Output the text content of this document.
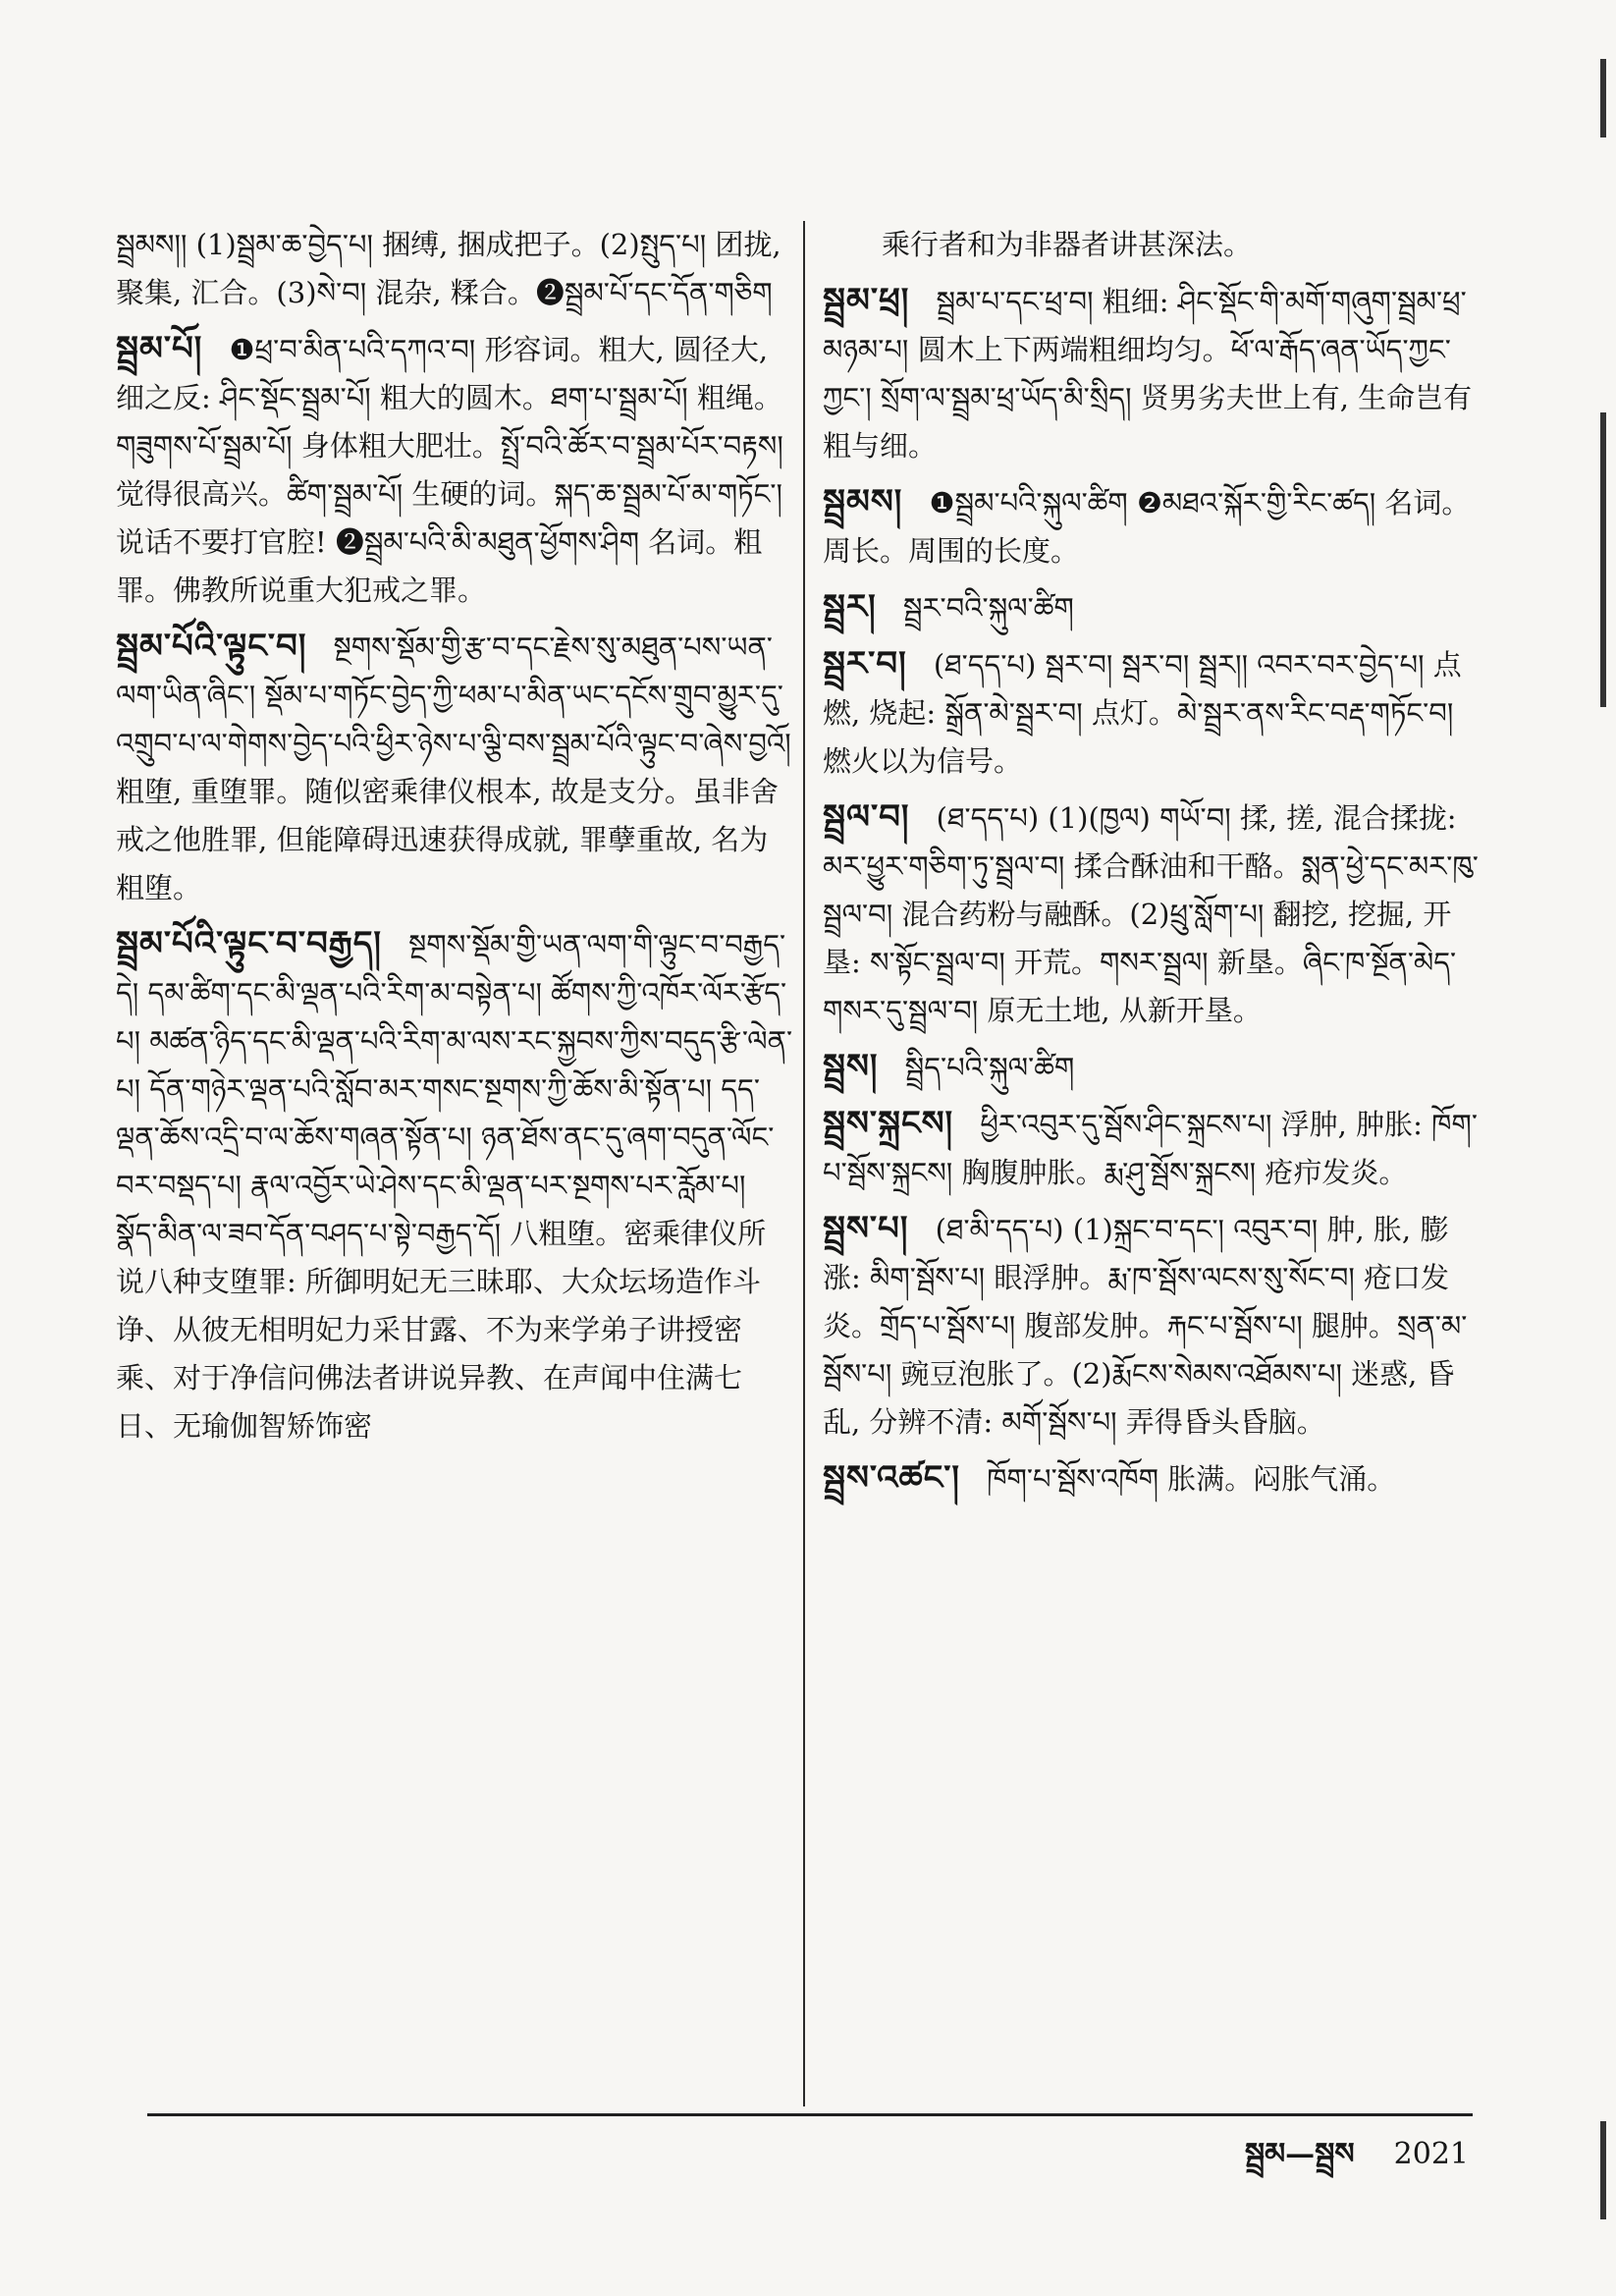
སྦྲམས།། (1)སྦྲམ་ཆ་བྱེད་པ། 捆缚, 捆成把子。(2)སྤུད་པ། 团拢, 聚集, 汇合。(3)སེ་བ། 混杂, 糅合。❷སྦྲམ་པོ་དང་དོན་གཅིག
སྦྲམ་པོ། ❶ཕྲ་བ་མིན་པའི་དཀའ་བ། 形容词。粗大, 圆径大, 细之反: ཤིང་སྡོང་སྦྲམ་པོ། 粗大的圆木。ཐག་པ་སྦྲམ་པོ། 粗绳。གཟུགས་པོ་སྦྲམ་པོ། 身体粗大肥壮。སྤྲོ་བའི་ཚོར་བ་སྦྲམ་པོར་བརྟས། 觉得很高兴。ཚིག་སྦྲམ་པོ། 生硬的词。སྐད་ཆ་སྦྲམ་པོ་མ་གཏོང་། 说话不要打官腔! ❷སྦྲམ་པའི་མི་མཐུན་ཕྱོགས་ཤིག 名词。粗罪。佛教所说重大犯戒之罪。
སྦྲམ་པོའི་ལྟུང་བ། སྔགས་སྡོམ་གྱི་རྩ་བ་དང་རྗེས་སུ་མཐུན་པས་ཡན་ལག་ཡིན་ཞིང་། སྡོམ་པ་གཏོང་བྱེད་ཀྱི་ཕམ་པ་མིན་ཡང་དངོས་གྲུབ་མྱུར་དུ་འགྲུབ་པ་ལ་གེགས་བྱེད་པའི་ཕྱིར་ཉེས་པ་ལྕི་བས་སྦྲམ་པོའི་ལྟུང་བ་ཞེས་བྱའོ། 粗堕, 重堕罪。随似密乘律仪根本, 故是支分。虽非舍戒之他胜罪, 但能障碍迅速获得成就, 罪孽重故, 名为粗堕。
སྦྲམ་པོའི་ལྟུང་བ་བརྒྱད། སྔགས་སྡོམ་གྱི་ཡན་ལག་གི་ལྟུང་བ་བརྒྱད་དེ། དམ་ཚིག་དང་མི་ལྡན་པའི་རིག་མ་བསྟེན་པ། ཚོགས་ཀྱི་འཁོར་ལོར་རྩོད་པ། མཚན་ཉིད་དང་མི་ལྡན་པའི་རིག་མ་ལས་རང་སྐྱབས་ཀྱིས་བདུད་རྩི་ལེན་པ། དོན་གཉེར་ལྡན་པའི་སློབ་མར་གསང་སྔགས་ཀྱི་ཆོས་མི་སྟོན་པ། དད་ལྡན་ཆོས་འདྲི་བ་ལ་ཆོས་གཞན་སྟོན་པ། ཉན་ཐོས་ནང་དུ་ཞག་བདུན་ལོང་བར་བསྡད་པ། རྣལ་འབྱོར་ཡེ་ཤེས་དང་མི་ལྡན་པར་སྔགས་པར་རློམ་པ། སྣོད་མིན་ལ་ཟབ་དོན་བཤད་པ་སྟེ་བརྒྱད་དོ། 八粗堕。密乘律仪所说八种支堕罪: 所御明妃无三昧耶、大众坛场造作斗诤、从彼无相明妃力采甘露、不为来学弟子讲授密乘、对于净信问佛法者讲说异教、在声闻中住满七日、无瑜伽智矫饰密
乘行者和为非器者讲甚深法。
སྦྲམ་ཕྲ། སྦྲམ་པ་དང་ཕྲ་བ། 粗细: ཤིང་སྡོང་གི་མགོ་གཞུག་སྦྲམ་ཕྲ་མཉམ་པ། 圆木上下两端粗细均匀。ཕོ་ལ་རྒོད་ཞན་ཡོད་ཀྱང་ཀྱང་། སྲོག་ལ་སྦྲམ་ཕྲ་ཡོད་མི་སྲིད། 贤男劣夫世上有, 生命岂有粗与细。
སྦྲམས། ❶སྦྲམ་པའི་སྐུལ་ཚིག ❷མཐའ་སྐོར་གྱི་རིང་ཚད། 名词。周长。周围的长度。
སྦྲར། སྦྲར་བའི་སྐུལ་ཚིག
སྦྲར་བ། (ཐ་དད་པ) སྦར་བ། སྦར་བ། སྦྲར།། འབར་བར་བྱེད་པ། 点燃, 烧起: སྒྲོན་མེ་སྦྲར་བ། 点灯。མེ་སྦྲར་ནས་རིང་བརྡ་གཏོང་བ། 燃火以为信号。
སྦྲལ་བ། (ཐ་དད་པ) (1)(ཁྱལ) གཡོ་བ། 揉, 搓, 混合揉拢: མར་ཕྱུར་གཅིག་ཏུ་སྦྲལ་བ། 揉合酥油和干酪。སྨན་ཕྱེ་དང་མར་ཁུ་སྦྲལ་བ། 混合药粉与融酥。(2)ཕྲུ་སློག་པ། 翻挖, 挖掘, 开垦: ས་སྟོང་སྦྲལ་བ། 开荒。གསར་སྦྲལ། 新垦。ཞིང་ཁ་སྔོན་མེད་གསར་དུ་སྦྲལ་བ། 原无土地, 从新开垦。
སྦྲས། སྦྲིད་པའི་སྐུལ་ཚིག
སྦྲས་སྐྲངས། ཕྱིར་འབུར་དུ་སྦོས་ཤིང་སྐྲངས་པ། 浮肿, 肿胀: ཁོག་པ་སྦོས་སྐྲངས། 胸腹肿胀。རྨ་ཤུ་སྦོས་སྐྲངས། 疮疖发炎。
སྦྲས་པ། (ཐ་མི་དད་པ) (1)སྐྲང་བ་དང་། འབུར་བ། 肿, 胀, 膨涨: མིག་སྦོས་པ། 眼浮肿。རྨ་ཁ་སྦོས་ལངས་སུ་སོང་བ། 疮口发炎。གྲོད་པ་སྦོས་པ། 腹部发肿。རྐང་པ་སྦོས་པ། 腿肿。སྲན་མ་སྦོས་པ། 豌豆泡胀了。(2)རྨོངས་སེམས་འཐོམས་པ། 迷惑, 昏乱, 分辨不清: མགོ་སྦོས་པ། 弄得昏头昏脑。
སྦྲས་འཚང་། ཁོག་པ་སྦོས་འཁོག 胀满。闷胀气涌。
སྦྲམ—སྦྲས 2021
